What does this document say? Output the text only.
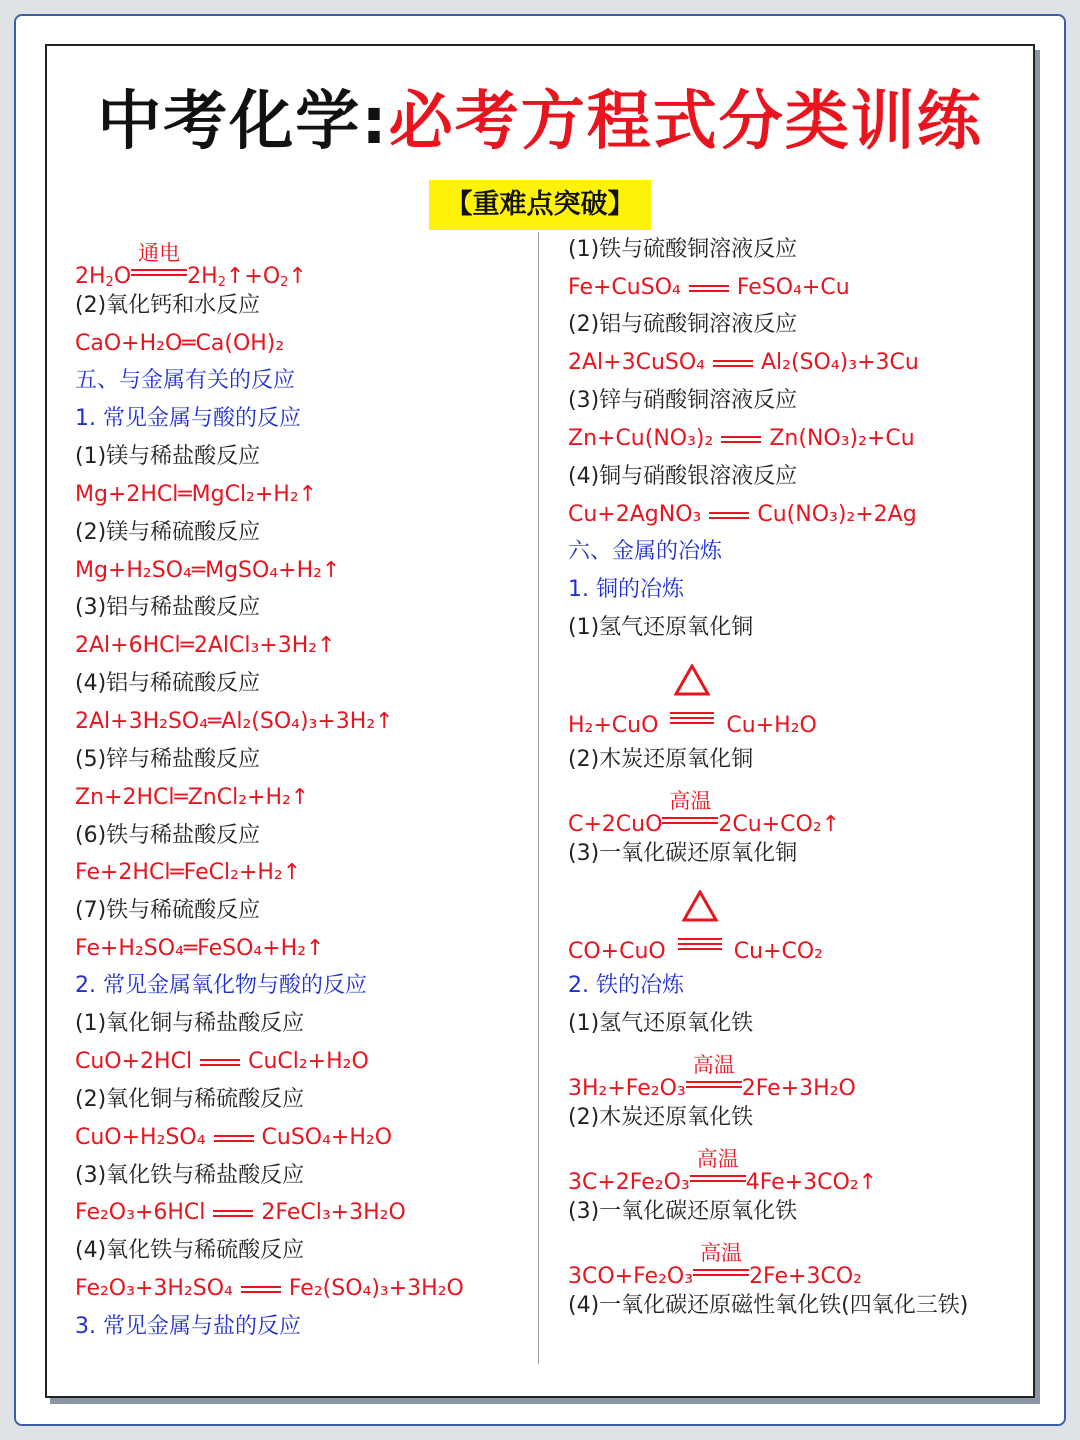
中考化学:必考方程式分类训练
【重难点突破】
$2H_2O$
通电
$2H_2↑+O_2↑$
(2)氧化钙和水反应
CaO+H₂O═Ca(OH)₂
五、与金属有关的反应
1. 常见金属与酸的反应
(1)镁与稀盐酸反应
Mg+2HCl═MgCl₂+H₂↑
(2)镁与稀硫酸反应
Mg+H₂SO₄═MgSO₄+H₂↑
(3)铝与稀盐酸反应
2Al+6HCl═2AlCl₃+3H₂↑
(4)铝与稀硫酸反应
2Al+3H₂SO₄═Al₂(SO₄)₃+3H₂↑
(5)锌与稀盐酸反应
Zn+2HCl═ZnCl₂+H₂↑
(6)铁与稀盐酸反应
Fe+2HCl═FeCl₂+H₂↑
(7)铁与稀硫酸反应
Fe+H₂SO₄═FeSO₄+H₂↑
2. 常见金属氧化物与酸的反应
(1)氧化铜与稀盐酸反应
CuO+2HCl	CuCl₂+H₂O
(2)氧化铜与稀硫酸反应
CuO+H₂SO₄	CuSO₄+H₂O
(3)氧化铁与稀盐酸反应
Fe₂O₃+6HCl	2FeCl₃+3H₂O
(4)氧化铁与稀硫酸反应
Fe₂O₃+3H₂SO₄	Fe₂(SO₄)₃+3H₂O
3. 常见金属与盐的反应
(1)铁与硫酸铜溶液反应
Fe+CuSO₄	FeSO₄+Cu
(2)铝与硫酸铜溶液反应
2Al+3CuSO₄	Al₂(SO₄)₃+3Cu
(3)锌与硝酸铜溶液反应
Zn+Cu(NO₃)₂	Zn(NO₃)₂+Cu
(4)铜与硝酸银溶液反应
Cu+2AgNO₃	Cu(NO₃)₂+2Ag
六、金属的冶炼
1. 铜的冶炼
(1)氢气还原氧化铜
H₂+CuO	Cu+H₂O
(2)木炭还原氧化铜
C+2CuO
高温
2Cu+CO₂↑
(3)一氧化碳还原氧化铜
CO+CuO	Cu+CO₂
2. 铁的冶炼
(1)氢气还原氧化铁
3H₂+Fe₂O₃
高温
2Fe+3H₂O
(2)木炭还原氧化铁
3C+2Fe₂O₃
高温
4Fe+3CO₂↑
(3)一氧化碳还原氧化铁
3CO+Fe₂O₃
高温
2Fe+3CO₂
(4)一氧化碳还原磁性氧化铁(四氧化三铁)
